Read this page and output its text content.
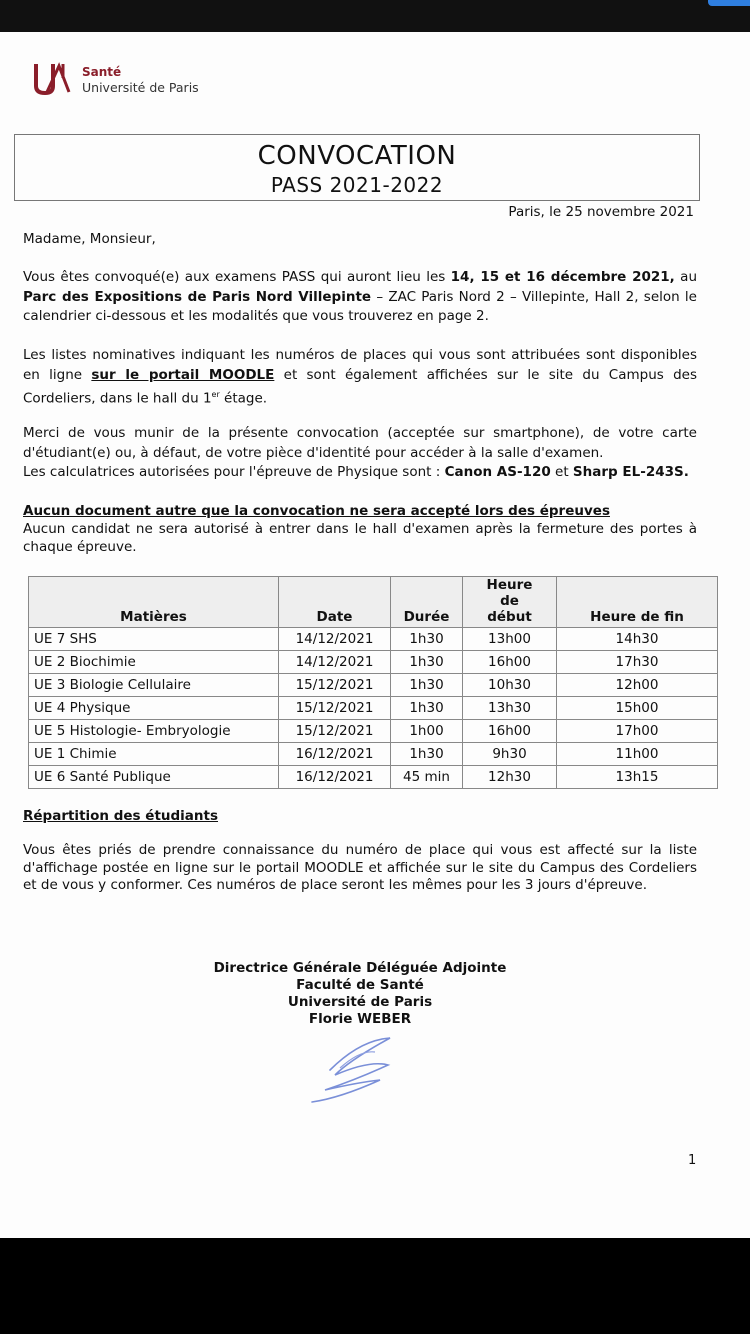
Santé
Université de Paris
CONVOCATION
PASS 2021-2022
Paris, le 25 novembre 2021
Madame, Monsieur,
Vous êtes convoqué(e) aux examens PASS qui auront lieu les 14, 15 et 16 décembre 2021, au Parc des Expositions de Paris Nord Villepinte – ZAC Paris Nord 2 – Villepinte, Hall 2, selon le calendrier ci-dessous et les modalités que vous trouverez en page 2.
Les listes nominatives indiquant les numéros de places qui vous sont attribuées sont disponibles en ligne sur le portail MOODLE et sont également affichées sur le site du Campus des Cordeliers, dans le hall du 1er étage.
Merci de vous munir de la présente convocation (acceptée sur smartphone), de votre carte d'étudiant(e) ou, à défaut, de votre pièce d'identité pour accéder à la salle d'examen.
Les calculatrices autorisées pour l'épreuve de Physique sont : Canon AS-120 et Sharp EL-243S.
Aucun document autre que la convocation ne sera accepté lors des épreuves
Aucun candidat ne sera autorisé à entrer dans le hall d'examen après la fermeture des portes à chaque épreuve.
Matières	Date	Durée	Heure de début	Heure de fin
UE 7 SHS	14/12/2021	1h30	13h00	14h30
UE 2 Biochimie	14/12/2021	1h30	16h00	17h30
UE 3 Biologie Cellulaire	15/12/2021	1h30	10h30	12h00
UE 4 Physique	15/12/2021	1h30	13h30	15h00
UE 5 Histologie- Embryologie	15/12/2021	1h00	16h00	17h00
UE 1 Chimie	16/12/2021	1h30	9h30	11h00
UE 6 Santé Publique	16/12/2021	45 min	12h30	13h15
Répartition des étudiants
Vous êtes priés de prendre connaissance du numéro de place qui vous est affecté sur la liste d'affichage postée en ligne sur le portail MOODLE et affichée sur le site du Campus des Cordeliers et de vous y conformer. Ces numéros de place seront les mêmes pour les 3 jours d'épreuve.
Directrice Générale Déléguée Adjointe
Faculté de Santé
Université de Paris
Florie WEBER
1
